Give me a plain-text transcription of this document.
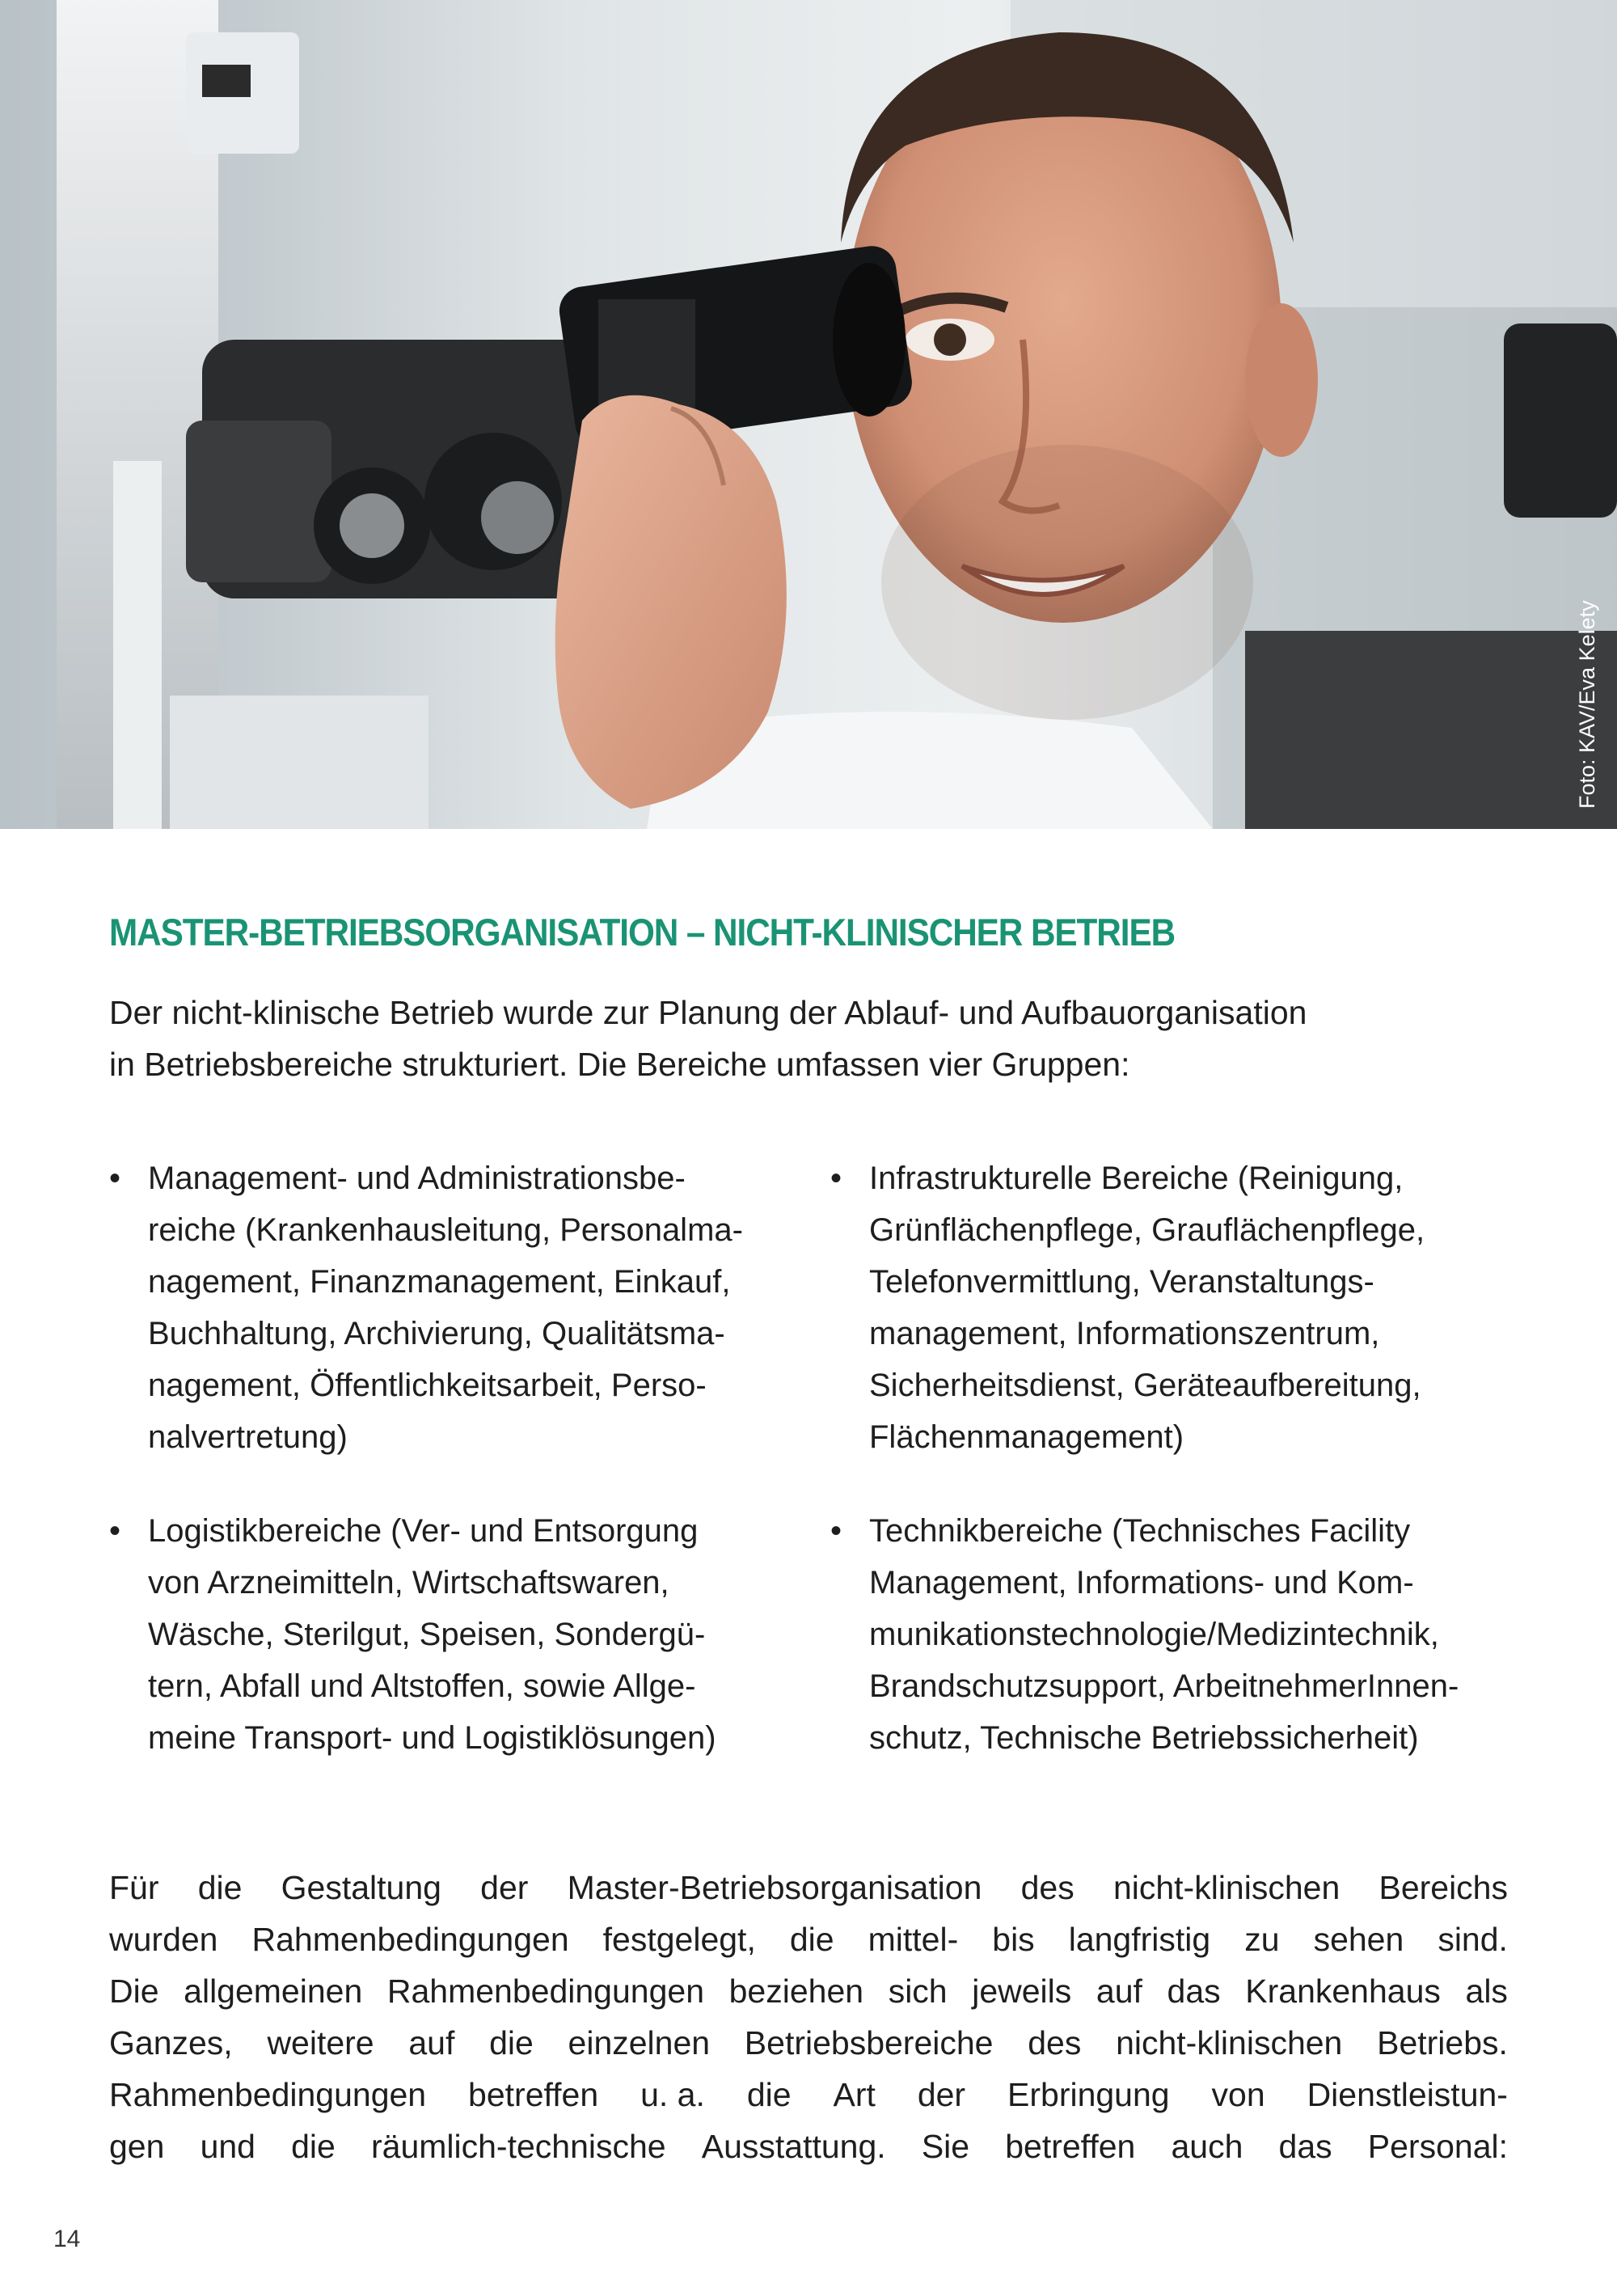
Foto: KAV/Eva Kelety
MASTER-BETRIEBSORGANISATION – NICHT-KLINISCHER BETRIEB

Der nicht-klinische Betrieb wurde zur Planung der Ablauf- und Aufbauorganisation
in Betriebsbereiche strukturiert. Die Bereiche umfassen vier Gruppen:

• Management- und Administrationsbe-
reiche (Krankenhausleitung, Personalma-
nagement, Finanzmanagement, Einkauf,
Buchhaltung, Archivierung, Qualitätsma-
nagement, Öffentlichkeitsarbeit, Perso-
nalvertretung)
• Logistikbereiche (Ver- und Entsorgung
von Arzneimitteln, Wirtschaftswaren,
Wäsche, Sterilgut, Speisen, Sondergü-
tern, Abfall und Altstoffen, sowie Allge-
meine Transport- und Logistiklösungen)
• Infrastrukturelle Bereiche (Reinigung,
Grünflächenpflege, Grauflächenpflege,
Telefonvermittlung, Veranstaltungs-
management, Informationszentrum,
Sicherheitsdienst, Geräteaufbereitung,
Flächenmanagement)
• Technikbereiche (Technisches Facility
Management, Informations- und Kom-
munikationstechnologie/Medizintechnik,
Brandschutzsupport, ArbeitnehmerInnen-
schutz, Technische Betriebssicherheit)
Für die Gestaltung der Master-Betriebsorganisation des nicht-klinischen Bereichs
wurden Rahmenbedingungen festgelegt, die mittel- bis langfristig zu sehen sind.
Die allgemeinen Rahmenbedingungen beziehen sich jeweils auf das Krankenhaus als
Ganzes, weitere auf die einzelnen Betriebsbereiche des nicht-klinischen Betriebs.
Rahmenbedingungen betreffen u. a. die Art der Erbringung von Dienstleistun-
gen und die räumlich-technische Ausstattung. Sie betreffen auch das Personal:
14
